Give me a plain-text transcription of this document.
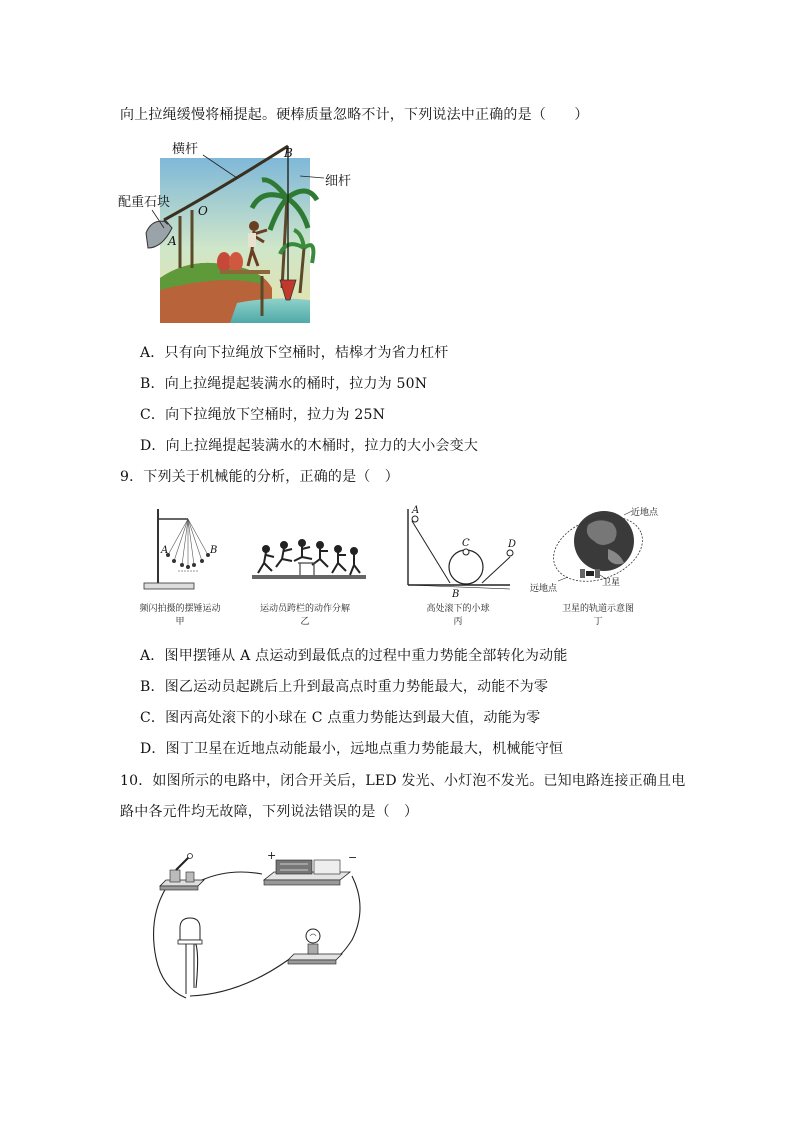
向上拉绳缓慢将桶提起。硬棒质量忽略不计，下列说法中正确的是（　　）
横杆
细杆
配重石块
B
O
A
A．只有向下拉绳放下空桶时，桔槔才为省力杠杆
B．向上拉绳提起装满水的桶时，拉力为 50N
C．向下拉绳放下空桶时，拉力为 25N
D．向上拉绳提起装满水的木桶时，拉力的大小会变大
9．下列关于机械能的分析，正确的是（　）
A	B
频闪拍摄的摆锤运动
甲
运动员跨栏的动作分解
乙
A
C	D
B
高处滚下的小球
丙
近地点
远地点
卫星
卫星的轨道示意图
丁
A．图甲摆锤从 A 点运动到最低点的过程中重力势能全部转化为动能
B．图乙运动员起跳后上升到最高点时重力势能最大，动能不为零
C．图丙高处滚下的小球在 C 点重力势能达到最大值，动能为零
D．图丁卫星在近地点动能最小，远地点重力势能最大，机械能守恒
10．如图所示的电路中，闭合开关后，LED 发光、小灯泡不发光。已知电路连接正确且电
路中各元件均无故障，下列说法错误的是（　）
+	−
